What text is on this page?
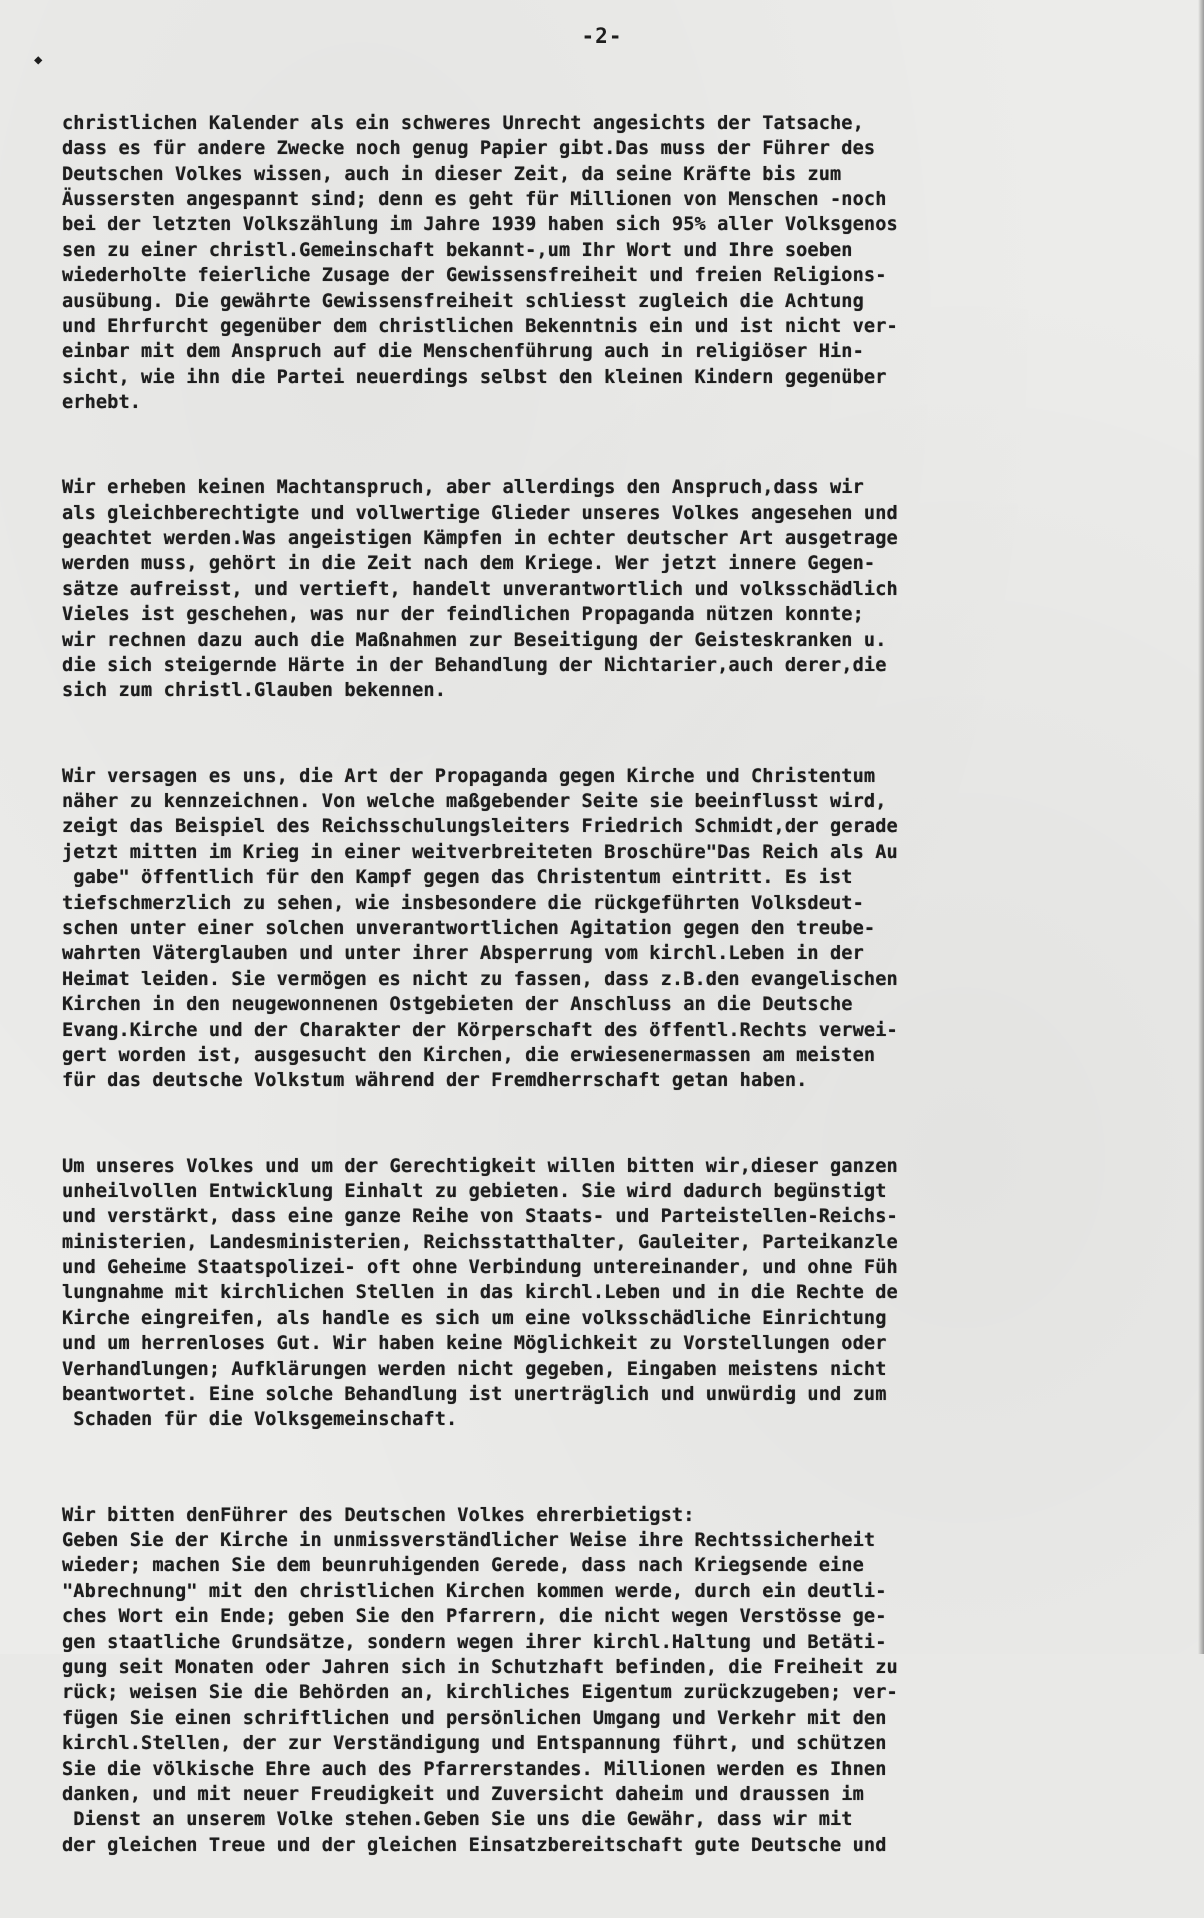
-2-
◆

christlichen Kalender als ein schweres Unrecht angesichts der Tatsache,
dass es für andere Zwecke noch genug Papier gibt.Das muss der Führer des
Deutschen Volkes wissen, auch in dieser Zeit, da seine Kräfte bis zum
Äussersten angespannt sind; denn es geht für Millionen von Menschen -noch
bei der letzten Volkszählung im Jahre 1939 haben sich 95% aller Volksgenos
sen zu einer christl.Gemeinschaft bekannt-,um Ihr Wort und Ihre soeben
wiederholte feierliche Zusage der Gewissensfreiheit und freien Religions-
ausübung. Die gewährte Gewissensfreiheit schliesst zugleich die Achtung
und Ehrfurcht gegenüber dem christlichen Bekenntnis ein und ist nicht ver-
einbar mit dem Anspruch auf die Menschenführung auch in religiöser Hin-
sicht, wie ihn die Partei neuerdings selbst den kleinen Kindern gegenüber
erhebt.

Wir erheben keinen Machtanspruch, aber allerdings den Anspruch,dass wir
als gleichberechtigte und vollwertige Glieder unseres Volkes angesehen und
geachtet werden.Was angeistigen Kämpfen in echter deutscher Art ausgetrage
werden muss, gehört in die Zeit nach dem Kriege. Wer jetzt innere Gegen-
sätze aufreisst, und vertieft, handelt unverantwortlich und volksschädlich
Vieles ist geschehen, was nur der feindlichen Propaganda nützen konnte;
wir rechnen dazu auch die Maßnahmen zur Beseitigung der Geisteskranken u.
die sich steigernde Härte in der Behandlung der Nichtarier,auch derer,die
sich zum christl.Glauben bekennen.

Wir versagen es uns, die Art der Propaganda gegen Kirche und Christentum
näher zu kennzeichnen. Von welche maßgebender Seite sie beeinflusst wird,
zeigt das Beispiel des Reichsschulungsleiters Friedrich Schmidt,der gerade
jetzt mitten im Krieg in einer weitverbreiteten Broschüre"Das Reich als Au
gabe" öffentlich für den Kampf gegen das Christentum eintritt. Es ist
tiefschmerzlich zu sehen, wie insbesondere die rückgeführten Volksdeut-
schen unter einer solchen unverantwortlichen Agitation gegen den treube-
wahrten Väterglauben und unter ihrer Absperrung vom kirchl.Leben in der
Heimat leiden. Sie vermögen es nicht zu fassen, dass z.B.den evangelischen
Kirchen in den neugewonnenen Ostgebieten der Anschluss an die Deutsche
Evang.Kirche und der Charakter der Körperschaft des öffentl.Rechts verwei-
gert worden ist, ausgesucht den Kirchen, die erwiesenermassen am meisten
für das deutsche Volkstum während der Fremdherrschaft getan haben.

Um unseres Volkes und um der Gerechtigkeit willen bitten wir,dieser ganzen
unheilvollen Entwicklung Einhalt zu gebieten. Sie wird dadurch begünstigt
und verstärkt, dass eine ganze Reihe von Staats- und Parteistellen-Reichs-
ministerien, Landesministerien, Reichsstatthalter, Gauleiter, Parteikanzle
und Geheime Staatspolizei- oft ohne Verbindung untereinander, und ohne Füh
lungnahme mit kirchlichen Stellen in das kirchl.Leben und in die Rechte de
Kirche eingreifen, als handle es sich um eine volksschädliche Einrichtung
und um herrenloses Gut. Wir haben keine Möglichkeit zu Vorstellungen oder
Verhandlungen; Aufklärungen werden nicht gegeben, Eingaben meistens nicht
beantwortet. Eine solche Behandlung ist unerträglich und unwürdig und zum
Schaden für die Volksgemeinschaft.

Wir bitten denFührer des Deutschen Volkes ehrerbietigst:
Geben Sie der Kirche in unmissverständlicher Weise ihre Rechtssicherheit
wieder; machen Sie dem beunruhigenden Gerede, dass nach Kriegsende eine
"Abrechnung" mit den christlichen Kirchen kommen werde, durch ein deutli-
ches Wort ein Ende; geben Sie den Pfarrern, die nicht wegen Verstösse ge-
gen staatliche Grundsätze, sondern wegen ihrer kirchl.Haltung und Betäti-
gung seit Monaten oder Jahren sich in Schutzhaft befinden, die Freiheit zu
rück; weisen Sie die Behörden an, kirchliches Eigentum zurückzugeben; ver-
fügen Sie einen schriftlichen und persönlichen Umgang und Verkehr mit den
kirchl.Stellen, der zur Verständigung und Entspannung führt, und schützen
Sie die völkische Ehre auch des Pfarrerstandes. Millionen werden es Ihnen
danken, und mit neuer Freudigkeit und Zuversicht daheim und draussen im
Dienst an unserem Volke stehen.Geben Sie uns die Gewähr, dass wir mit
der gleichen Treue und der gleichen Einsatzbereitschaft gute Deutsche und
